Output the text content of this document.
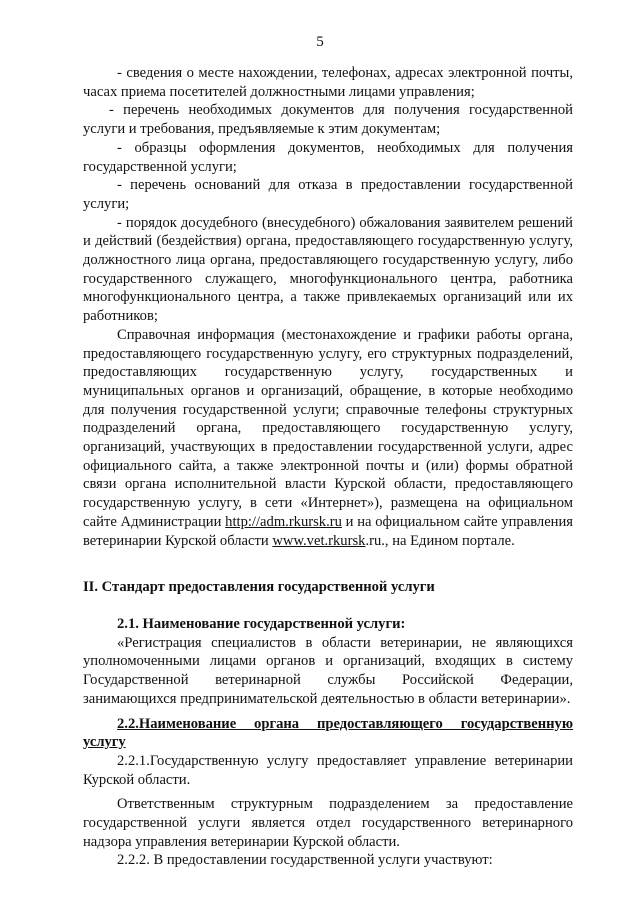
5

- сведения о месте нахождении, телефонах, адресах электронной почты, часах приема посетителей должностными лицами управления;

- перечень необходимых документов для получения государственной услуги и требования, предъявляемые к этим документам;

- образцы оформления документов, необходимых для получения государственной услуги;

- перечень оснований для отказа в предоставлении государственной услуги;

- порядок досудебного (внесудебного) обжалования заявителем решений и действий (бездействия) органа, предоставляющего государственную услугу, должностного лица органа, предоставляющего государственную услугу, либо государственного служащего, многофункционального центра, работника многофункционального центра, а также привлекаемых организаций или их работников;

Справочная информация (местонахождение и графики работы органа, предоставляющего государственную услугу, его структурных подразделений, предоставляющих государственную услугу, государственных и муниципальных органов и организаций, обращение, в которые необходимо для получения государственной услуги; справочные телефоны структурных подразделений органа, предоставляющего государственную услугу, организаций, участвующих в предоставлении государственной услуги, адрес официального сайта, а также электронной почты и (или) формы обратной связи органа исполнительной власти Курской области, предоставляющего государственную услугу, в сети «Интернет»), размещена на официальном сайте Администрации http://adm.rkursk.ru и на официальном сайте управления ветеринарии Курской области www.vet.rkursk.ru., на Едином портале.

II. Стандарт предоставления государственной услуги

2.1. Наименование государственной услуги:

«Регистрация специалистов в области ветеринарии, не являющихся уполномоченными лицами органов и организаций, входящих в систему Государственной ветеринарной службы Российской Федерации, занимающихся предпринимательской деятельностью в области ветеринарии».

2.2.Наименование органа предоставляющего государственную услугу

2.2.1.Государственную услугу предоставляет управление ветеринарии Курской области.

Ответственным структурным подразделением за предоставление государственной услуги является отдел государственного ветеринарного надзора управления ветеринарии Курской области.

2.2.2. В предоставлении государственной услуги участвуют:
